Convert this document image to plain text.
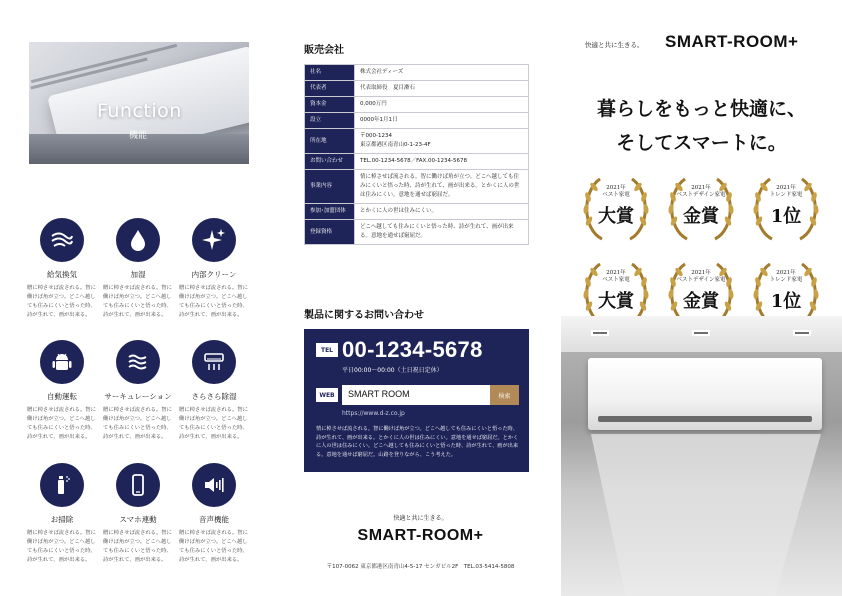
Function
機能
給気換気
贈に棹させば流される。智に働けば角が立つ。どこへ越しても住みにくいと悟った時、詩が生れて、画が出来る。
加湿
贈に棹させば流される。智に働けば角が立つ。どこへ越しても住みにくいと悟った時、詩が生れて、画が出来る。
内部クリーン
贈に棹させば流される。智に働けば角が立つ。どこへ越しても住みにくいと悟った時、詩が生れて、画が出来る。
自動運転
贈に棹させば流される。智に働けば角が立つ。どこへ越しても住みにくいと悟った時、詩が生れて、画が出来る。
サーキュレーション
贈に棹させば流される。智に働けば角が立つ。どこへ越しても住みにくいと悟った時、詩が生れて、画が出来る。
さらさら除湿
贈に棹させば流される。智に働けば角が立つ。どこへ越しても住みにくいと悟った時、詩が生れて、画が出来る。
お掃除
贈に棹させば流される。智に働けば角が立つ。どこへ越しても住みにくいと悟った時、詩が生れて、画が出来る。
スマホ連動
贈に棹させば流される。智に働けば角が立つ。どこへ越しても住みにくいと悟った時、詩が生れて、画が出来る。
音声機能
贈に棹させば流される。智に働けば角が立つ。どこへ越しても住みにくいと悟った時、詩が生れて、画が出来る。
販売会社
社名	株式会社ディーズ
代表者	代表取締役　夏目漱石
資本金	0,000万円
設立	0000年1月1日
所在地	〒000-1234
東京都港区南青山0-1-23-4F
お問い合わせ	TEL.00-1234-5678／FAX.00-1234-5678
事業内容	情に棹させば流される。智に働けば角が立つ。どこへ越しても住みにくいと悟った時、詩が生れて、画が出来る。とかくに人の世は住みにくい。意地を通せば窮屈だ。
参加･加盟団体	とかくに人の世は住みにくい。
登録資格	どこへ越しても住みにくいと悟った時、詩が生れて、画が出来る。意地を通せば窮屈だ。
製品に関するお問い合わせ
TEL 00-1234-5678
平日00:00〜00:00（土日祝日定休）
WEB	SMART ROOM	検索
https://www.d-z.co.jp
情に棹させば流される。智に働けば角が立つ。どこへ越しても住みにくいと悟った時、詩が生れて、画が出来る。とかくに人の世は住みにくい。意地を通せば窮屈だ。とかくに人の世は住みにくい。どこへ越しても住みにくいと悟った時、詩が生れて、画が出来る。意地を通せば窮屈だ。山路を登りながら、こう考えた。
快適と共に生きる。
SMART-ROOM+
〒107-0062 東京都港区南青山4-5-17 センガビル2F　TEL.03-5414-5808
快適と共に生きる。 SMART-ROOM+
暮らしをもっと快適に、
そしてスマートに。
2021年
ベスト家電
大賞
2021年
ベストデザイン家電
金賞
2021年
トレンド家電
1位
2021年
ベスト家電
大賞
2021年
ベストデザイン家電
金賞
2021年
トレンド家電
1位
